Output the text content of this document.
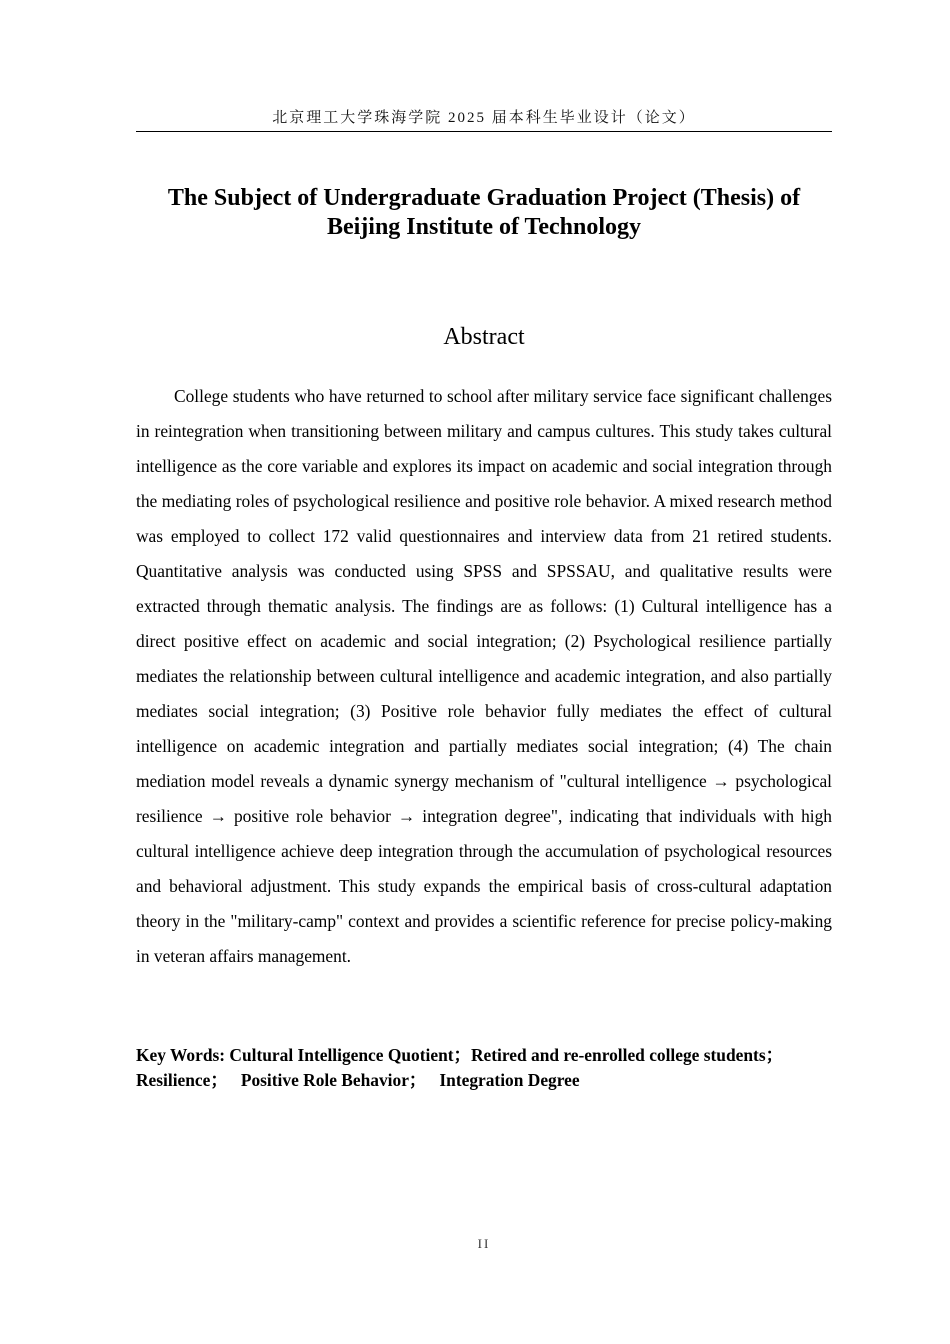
北京理工大学珠海学院 2025 届本科生毕业设计（论文）
The Subject of Undergraduate Graduation Project (Thesis) of
Beijing Institute of Technology
Abstract

College students who have returned to school after military service face significant challenges in reintegration when transitioning between military and campus cultures. This study takes cultural intelligence as the core variable and explores its impact on academic and social integration through the mediating roles of psychological resilience and positive role behavior. A mixed research method was employed to collect 172 valid questionnaires and interview data from 21 retired students. Quantitative analysis was conducted using SPSS and SPSSAU, and qualitative results were extracted through thematic analysis. The findings are as follows: (1) Cultural intelligence has a direct positive effect on academic and social integration; (2) Psychological resilience partially mediates the relationship between cultural intelligence and academic integration, and also partially mediates social integration; (3) Positive role behavior fully mediates the effect of cultural intelligence on academic integration and partially mediates social integration; (4) The chain mediation model reveals a dynamic synergy mechanism of "cultural intelligence → psychological resilience → positive role behavior → integration degree", indicating that individuals with high cultural intelligence achieve deep integration through the accumulation of psychological resources and behavioral adjustment. This study expands the empirical basis of cross-cultural adaptation theory in the "military-camp" context and provides a scientific reference for precise policy-making in veteran affairs management.

Key Words: Cultural Intelligence Quotient；Retired and re-enrolled college students；
Resilience； Positive Role Behavior； Integration Degree

II
